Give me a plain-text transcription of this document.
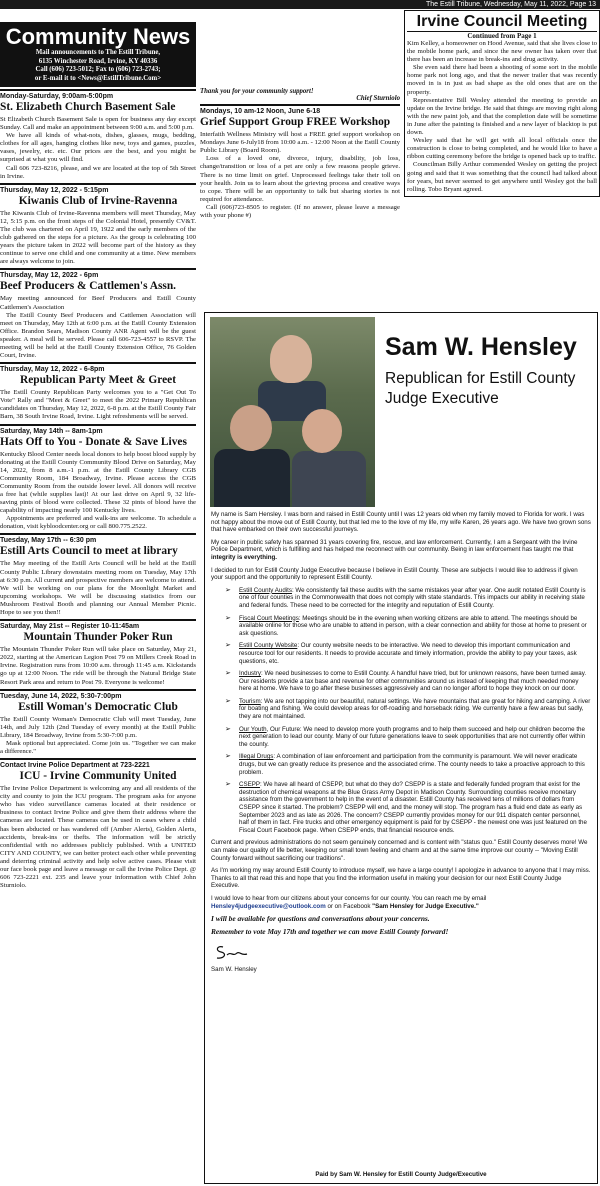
The Estill Tribune, Wednesday, May 11, 2022, Page 13
Community News

Mail announcements to The Estill Tribune,

6135 Winchester Road, Irvine, KY 40336

Call (606) 723-5012; Fax to (606) 723-2743;

or E-mail it to <News@EstillTribune.Com>

Monday-Saturday, 9:00am-5:00pm
St. Elizabeth Church Basement Sale

St Elizabeth Church Basement Sale is open for business any day except Sunday. Call and make an appointment between 9:00 a.m. and 5:00 p.m.

We have all kinds of what-nots, dishes, glasses, mugs, bedding, clothes for all ages, hanging clothes like new, toys and games, puzzles, vases, jewelry, etc. etc. Our prices are the best, and you might be surprised at what you will find.

Call 606 723-8216, please, and we are located at the top of 5th Street in Irvine.

Thursday, May 12, 2022 - 5:15pm
Kiwanis Club of Irvine-Ravenna

The Kiwanis Club of Irvine-Ravenna members will meet Thursday, May 12, 5:15 p.m. on the front steps of the Colonial Hotel, presently CV&T. The club was chartered on April 19, 1922 and the early members of the club gathered on the steps for a picture. As the group is celebrating 100 years the picture taken in 2022 will become part of the history as they continue to serve one child and one community at a time. New members are always welcome to join.

Thursday, May 12, 2022 - 6pm
Beef Producers & Cattlemen's Assn.

May meeting announced for Beef Producers and Estill County Cattlemen's Association

The Estill County Beef Producers and Cattlemen Association will meet on Thursday, May 12th at 6:00 p.m. at the Estill County Extension Office. Brandon Sears, Madison County ANR Agent will be the guest speaker. A meal will be served. Please call 606-723-4557 to RSVP. The meeting will be held at the Estill County Extension Office, 76 Golden Court, Irvine.

Thursday, May 12, 2022 - 6-8pm
Republican Party Meet & Greet

The Estill County Republican Party welcomes you to a "Get Out To Vote" Rally and "Meet & Greet" to meet the 2022 Primary Republican candidates on Thursday, May 12, 2022, 6-8 p.m. at the Estill County Fair Barn, 38 South Irvine Road, Irvine. Light refreshments will be served.

Saturday, May 14th -- 8am-1pm
Hats Off to You - Donate & Save Lives

Kentucky Blood Center needs local donors to help boost blood supply by donating at the Estill County Community Blood Drive on Saturday, May 14, 2022, from 8 a.m.-1 p.m. at the Estill County Library CGB Community Room, 184 Broadway, Irvine. Please access the CGB Community Room from the outside lower level. All donors will receive a free hat (while supplies last)! At our last drive on April 9, 32 life-saving pints of blood were collected. These 32 pints of blood have the capability of impacting nearly 100 Kentucky lives.

Appointments are preferred and walk-ins are welcome. To schedule a donation, visit kybloodcenter.org or call 800.775.2522.

Tuesday, May 17th -- 6:30 pm
Estill Arts Council to meet at library

The May meeting of the Estill Arts Council will be held at the Estill County Public Library downstairs meeting room on Tuesday, May 17th at 6:30 p.m. All current and prospective members are welcome to attend. We will be working on our plans for the Moonlight Market and upcoming workshops. We will be discussing statistics from our Mushroom Festival Booth and planning our Annual Member Picnic. Hope to see you then!!

Saturday, May 21st -- Register 10-11:45am
Mountain Thunder Poker Run

The Mountain Thunder Poker Run will take place on Saturday, May 21, 2022, starting at the American Legion Post 79 on Millers Creek Road in Irvine. Registration runs from 10:00 a.m. through 11:45 a.m. Kickstands go up at 12:00 Noon. The ride will be through the Natural Bridge State Resort Park area and return to Post 79. Everyone is welcome!

Tuesday, June 14, 2022, 5:30-7:00pm
Estill Woman's Democratic Club

The Estill County Woman's Democratic Club will meet Tuesday, June 14th, and July 12th (2nd Tuesday of every month) at the Estill Public Library, 184 Broadway, Irvine from 5:30-7:00 p.m.

Mask optional but appreciated. Come join us. "Together we can make a difference."

Contact Irvine Police Department at 723-2221
ICU - Irvine Community United

The Irvine Police Department is welcoming any and all residents of the city and county to join the ICU program. The program asks for anyone who has video surveillance cameras located at their residence or business to contact Irvine Police and give them their address where the cameras are located. These cameras can be used in cases where a child has been abducted or has wandered off (Amber Alerts), Golden Alerts, accidents, break-ins or thefts. The information will be strictly confidential with no addresses publicly published. With a UNITED CITY AND COUNTY, we can better protect each other while preventing and deterring criminal activity and help solve active cases. Please visit our face book page and leave a message or call the Irvine Police Dept. @ 606 723-2221 ext. 235 and leave your information with Chief John Sturniolo.

Thank you for your community support!

Chief Sturniolo

Mondays, 10 am-12 Noon, June 6-18
Grief Support Group FREE Workshop

Interfaith Wellness Ministry will host a FREE grief support workshop on Mondays June 6-July18 from 10:00 a.m. - 12:00 Noon at the Estill County Public Library (Board Room).

Loss of a loved one, divorce, injury, disability, job loss, change/transition or loss of a pet are only a few reasons people grieve. There is no time limit on grief. Unprocessed feelings take their toll on your health. Join us to learn about the grieving process and creative ways to cope. There will be an opportunity to talk but sharing stories is not required for attendance.

Call (606)723-8505 to register. (If no answer, please leave a message with your phone #)

Irvine Council Meeting
Continued from Page 1

Kim Kelley, a homeowner on Hood Avenue, said that she lives close to the mobile home park, and since the new owner has taken over that there has been an increase in break-ins and drug activity.

She even said there had been a shooting of some sort in the mobile home park not long ago, and that the newer trailer that was recently moved in is in just as bad shape as the old ones that are on the property.

Representative Bill Wesley attended the meeting to provide an update on the Irvine bridge. He said that things are moving right along with the new paint job, and that the completion date will be sometime in June after the painting is finished and a new layer of blacktop is put down.

Wesley said that he will get with all local officials once the construction is close to being completed, and he would like to have a ribbon cutting ceremony before the bridge is opened back up to traffic.

Councilman Billy Arthur commended Wesley on getting the project going and said that it was something that the council had talked about for years, but never seemed to get anywhere until Wesley got the ball rolling. Tobo Bryant agreed.

Sam W. Hensley
Republican for Estill County Judge Executive

My name is Sam Hensley. I was born and raised in Estill County until I was 12 years old when my family moved to Florida for work. I was not happy about the move out of Estill County, but that led me to the love of my life, my wife Karen, 26 years ago. We have two grown sons that have embarked on their own successful journeys.

My career in public safety has spanned 31 years covering fire, rescue, and law enforcement. Currently, I am a Sergeant with the Irvine Police Department, which is fulfilling and has helped me reconnect with our community. Being in law enforcement has taught me that integrity is everything.

I decided to run for Estill County Judge Executive because I believe in Estill County. These are subjects I would like to address if given your support and the opportunity to represent Estill County.

➢ Estill County Audits: We consistently fail these audits with the same mistakes year after year. One audit notated Estill County is one of four counties in the Commonwealth that does not comply with state standards. This impacts our ability in receiving state and federal funds. These need to be corrected for the integrity and reputation of Estill County.
➢ Fiscal Court Meetings: Meetings should be in the evening when working citizens are able to attend. The meetings should be available online for those who are unable to attend in person, with a clear connection and ability for those at home to present or ask questions.
➢ Estill County Website: Our county website needs to be interactive. We need to develop this important communication and resource tool for our residents. It needs to provide accurate and timely information, provide the ability to pay your taxes, ask questions, etc.
➢ Industry: We need businesses to come to Estill County. A handful have tried, but for unknown reasons, have been turned away. Our residents provide a tax base and revenue for other communities around us instead of keeping that much needed money here at home. We have to go after these businesses aggressively and can no longer afford to hope they knock on our door.
➢ Tourism: We are not tapping into our beautiful, natural settings. We have mountains that are great for hiking and camping. A river for boating and fishing. We could develop areas for off-roading and horseback riding. We currently have a few areas but sadly, they are not maintained.
➢ Our Youth, Our Future: We need to develop more youth programs and to help them succeed and help our children become the next generation to lead our county. Many of our future generations leave to seek opportunities that are not currently offer within the county.
➢ Illegal Drugs: A combination of law enforcement and participation from the community is paramount. We will never eradicate drugs, but we can greatly reduce its presence and the associated crime. The county needs to take a proactive approach to this problem.
➢ CSEPP: We have all heard of CSEPP, but what do they do? CSEPP is a state and federally funded program that exist for the destruction of chemical weapons at the Blue Grass Army Depot in Madison County. Surrounding counties receive monetary assistance from the government to help in the event of a disaster. Estill County has received tens of millions of dollars from CSEPP since it started. The problem? CSEPP will end, and the money will stop. The program has a fluid end date as early as September 2023 and as late as 2026. The concern? CSEPP currently provides money for our 911 dispatch center personnel, half of them in fact. Fire trucks and other emergency equipment is paid for by CSEPP - the newest one was just featured on the Fiscal Court Facebook page. When CSEPP ends, that financial resource ends.

Current and previous administrations do not seem genuinely concerned and is content with "status quo." Estill County deserves more! We can make our quality of life better, keeping our small town feeling and charm and at the same time improve our county -- "Moving Estill County forward without sacrificing our traditions".

As I'm working my way around Estill County to introduce myself, we have a large county! I apologize in advance to anyone that I may miss. Thanks to all that read this and hope that you find the information useful in making your decision for our next Estill County Judge Executive.

I would love to hear from our citizens about your concerns for our county. You can reach me by email Hensley4judgeexecutive@outlook.com or on Facebook "Sam Hensley for Judge Executive."

I will be available for questions and conversations about your concerns.

Remember to vote May 17th and together we can move Estill County forward!

Sam W. Hensley

Paid by Sam W. Hensley for Estill County Judge/Executive
